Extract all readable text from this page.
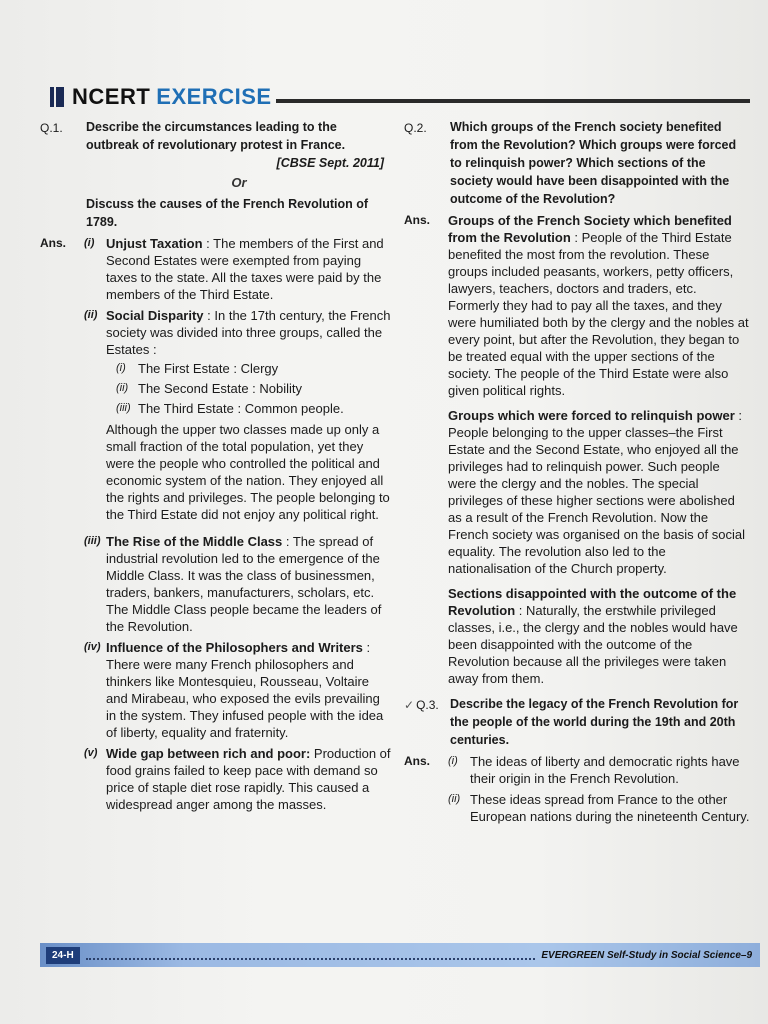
NCERT EXERCISE
Q.1.	Describe the circumstances leading to the outbreak of revolutionary protest in France.
[CBSE Sept. 2011]
Or
Discuss the causes of the French Revolution of 1789.
Ans.	(i) Unjust Taxation : The members of the First and Second Estates were exempted from paying taxes to the state. All the taxes were paid by the members of the Third Estate.
(ii) Social Disparity : In the 17th century, the French society was divided into three groups, called the Estates :
(i) The First Estate : Clergy
(ii) The Second Estate : Nobility
(iii) The Third Estate : Common people.
Although the upper two classes made up only a small fraction of the total population, yet they were the people who controlled the political and economic system of the nation. They enjoyed all the rights and privileges. The people belonging to the Third Estate did not enjoy any political right.
(iii) The Rise of the Middle Class : The spread of industrial revolution led to the emergence of the Middle Class. It was the class of businessmen, traders, bankers, manufacturers, scholars, etc. The Middle Class people became the leaders of the Revolution.
(iv) Influence of the Philosophers and Writers : There were many French philosophers and thinkers like Montesquieu, Rousseau, Voltaire and Mirabeau, who exposed the evils prevailing in the system. They infused people with the idea of liberty, equality and fraternity.
(v) Wide gap between rich and poor: Production of food grains failed to keep pace with demand so price of staple diet rose rapidly. This caused a widespread anger among the masses.
Q.2.	Which groups of the French society benefited from the Revolution? Which groups were forced to relinquish power? Which sections of the society would have been disappointed with the outcome of the Revolution?
Ans.	Groups of the French Society which benefited from the Revolution : People of the Third Estate benefited the most from the revolution. These groups included peasants, workers, petty officers, lawyers, teachers, doctors and traders, etc. Formerly they had to pay all the taxes, and they were humiliated both by the clergy and the nobles at every point, but after the Revolution, they began to be treated equal with the upper sections of the society. The people of the Third Estate were also given political rights.
Groups which were forced to relinquish power : People belonging to the upper classes–the First Estate and the Second Estate, who enjoyed all the privileges had to relinquish power. Such people were the clergy and the nobles. The special privileges of these higher sections were abolished as a result of the French Revolution. Now the French society was organised on the basis of social equality. The revolution also led to the nationalisation of the Church property.
Sections disappointed with the outcome of the Revolution : Naturally, the erstwhile privileged classes, i.e., the clergy and the nobles would have been disappointed with the outcome of the Revolution because all the privileges were taken away from them.
✓ Q.3. Describe the legacy of the French Revolution for the people of the world during the 19th and 20th centuries.
Ans.	(i) The ideas of liberty and democratic rights have their origin in the French Revolution.
(ii) These ideas spread from France to the other European nations during the nineteenth Century.
24-H	EVERGREEN Self-Study in Social Science–9
